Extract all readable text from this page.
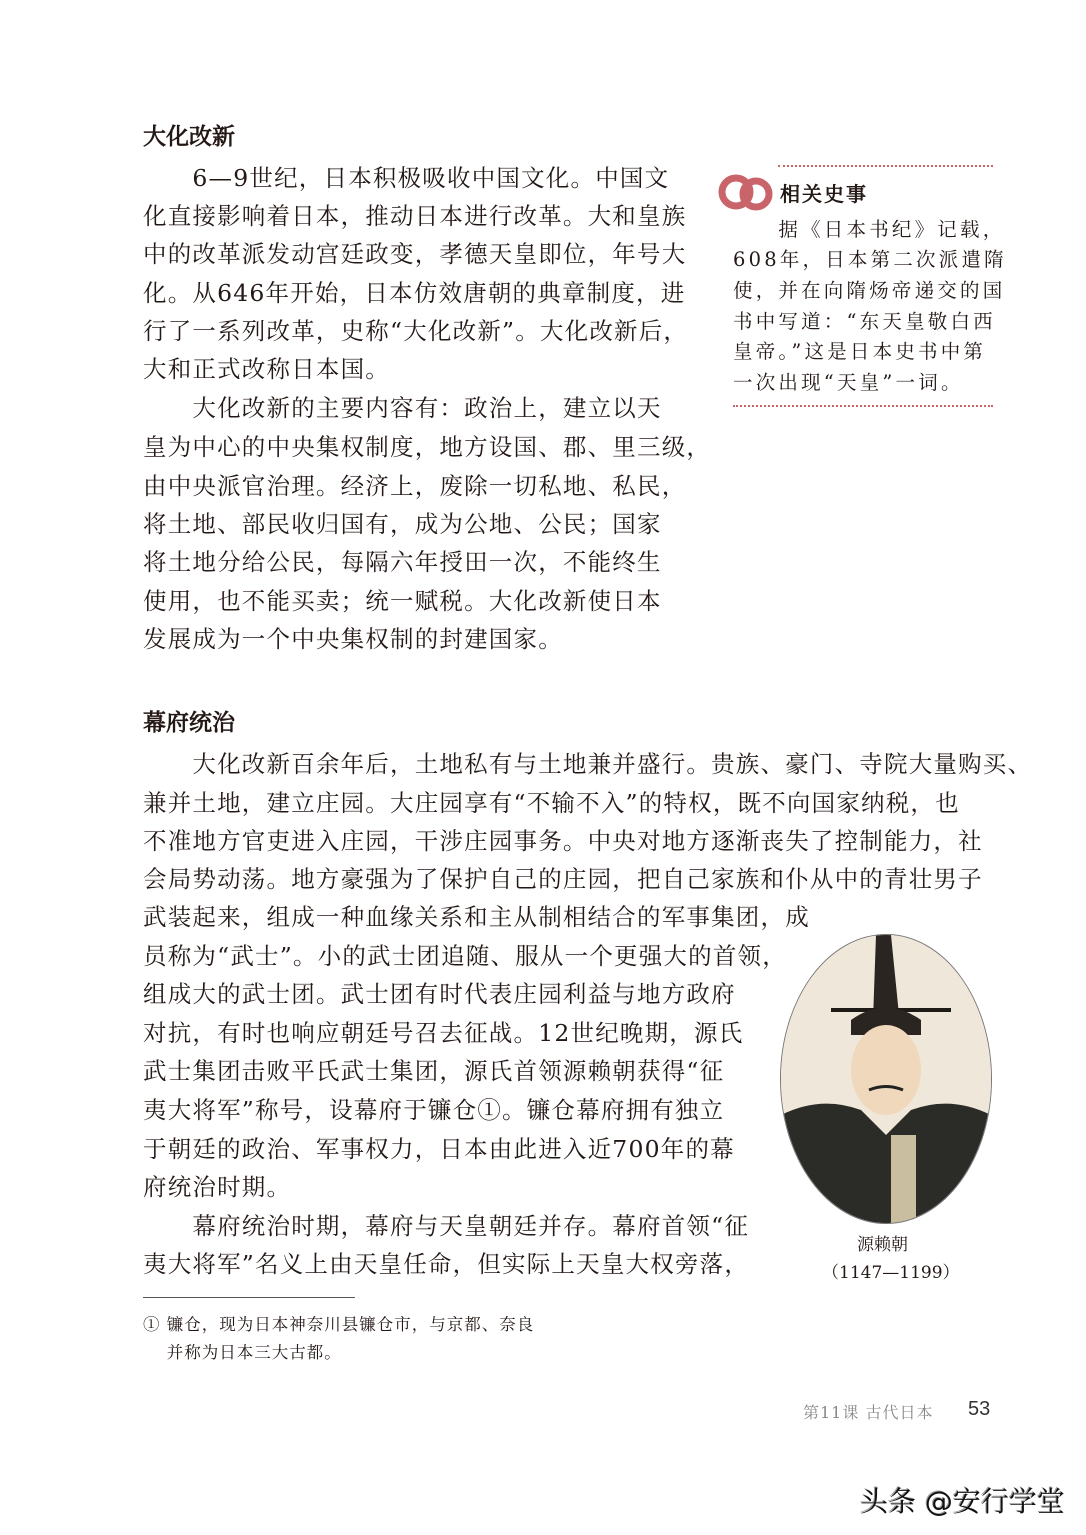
大化改新
　　6—9世纪，日本积极吸收中国文化。中国文
化直接影响着日本，推动日本进行改革。大和皇族
中的改革派发动宫廷政变，孝德天皇即位，年号大
化。从646年开始，日本仿效唐朝的典章制度，进
行了一系列改革，史称“大化改新”。大化改新后，
大和正式改称日本国。
　　大化改新的主要内容有：政治上，建立以天
皇为中心的中央集权制度，地方设国、郡、里三级，
由中央派官治理。经济上，废除一切私地、私民，
将土地、部民收归国有，成为公地、公民；国家
将土地分给公民，每隔六年授田一次，不能终生
使用，也不能买卖；统一赋税。大化改新使日本
发展成为一个中央集权制的封建国家。
相关史事
　　据《日本书纪》记载，
608年，日本第二次派遣隋
使，并在向隋炀帝递交的国
书中写道：“东天皇敬白西
皇帝。”这是日本史书中第
一次出现“天皇”一词。
幕府统治
　　大化改新百余年后，土地私有与土地兼并盛行。贵族、豪门、寺院大量购买、
兼并土地，建立庄园。大庄园享有“不输不入”的特权，既不向国家纳税，也
不准地方官吏进入庄园，干涉庄园事务。中央对地方逐渐丧失了控制能力，社
会局势动荡。地方豪强为了保护自己的庄园，把自己家族和仆从中的青壮男子
武装起来，组成一种血缘关系和主从制相结合的军事集团，成
员称为“武士”。小的武士团追随、服从一个更强大的首领，
组成大的武士团。武士团有时代表庄园利益与地方政府
对抗，有时也响应朝廷号召去征战。12世纪晚期，源氏
武士集团击败平氏武士集团，源氏首领源赖朝获得“征
夷大将军”称号，设幕府于镰仓①。镰仓幕府拥有独立
于朝廷的政治、军事权力，日本由此进入近700年的幕
府统治时期。
　　幕府统治时期，幕府与天皇朝廷并存。幕府首领“征
夷大将军”名义上由天皇任命，但实际上天皇大权旁落，
源赖朝
（1147—1199）
① 镰仓，现为日本神奈川县镰仓市，与京都、奈良
　 并称为日本三大古都。
第11课 古代日本 53
头条 @安行学堂
